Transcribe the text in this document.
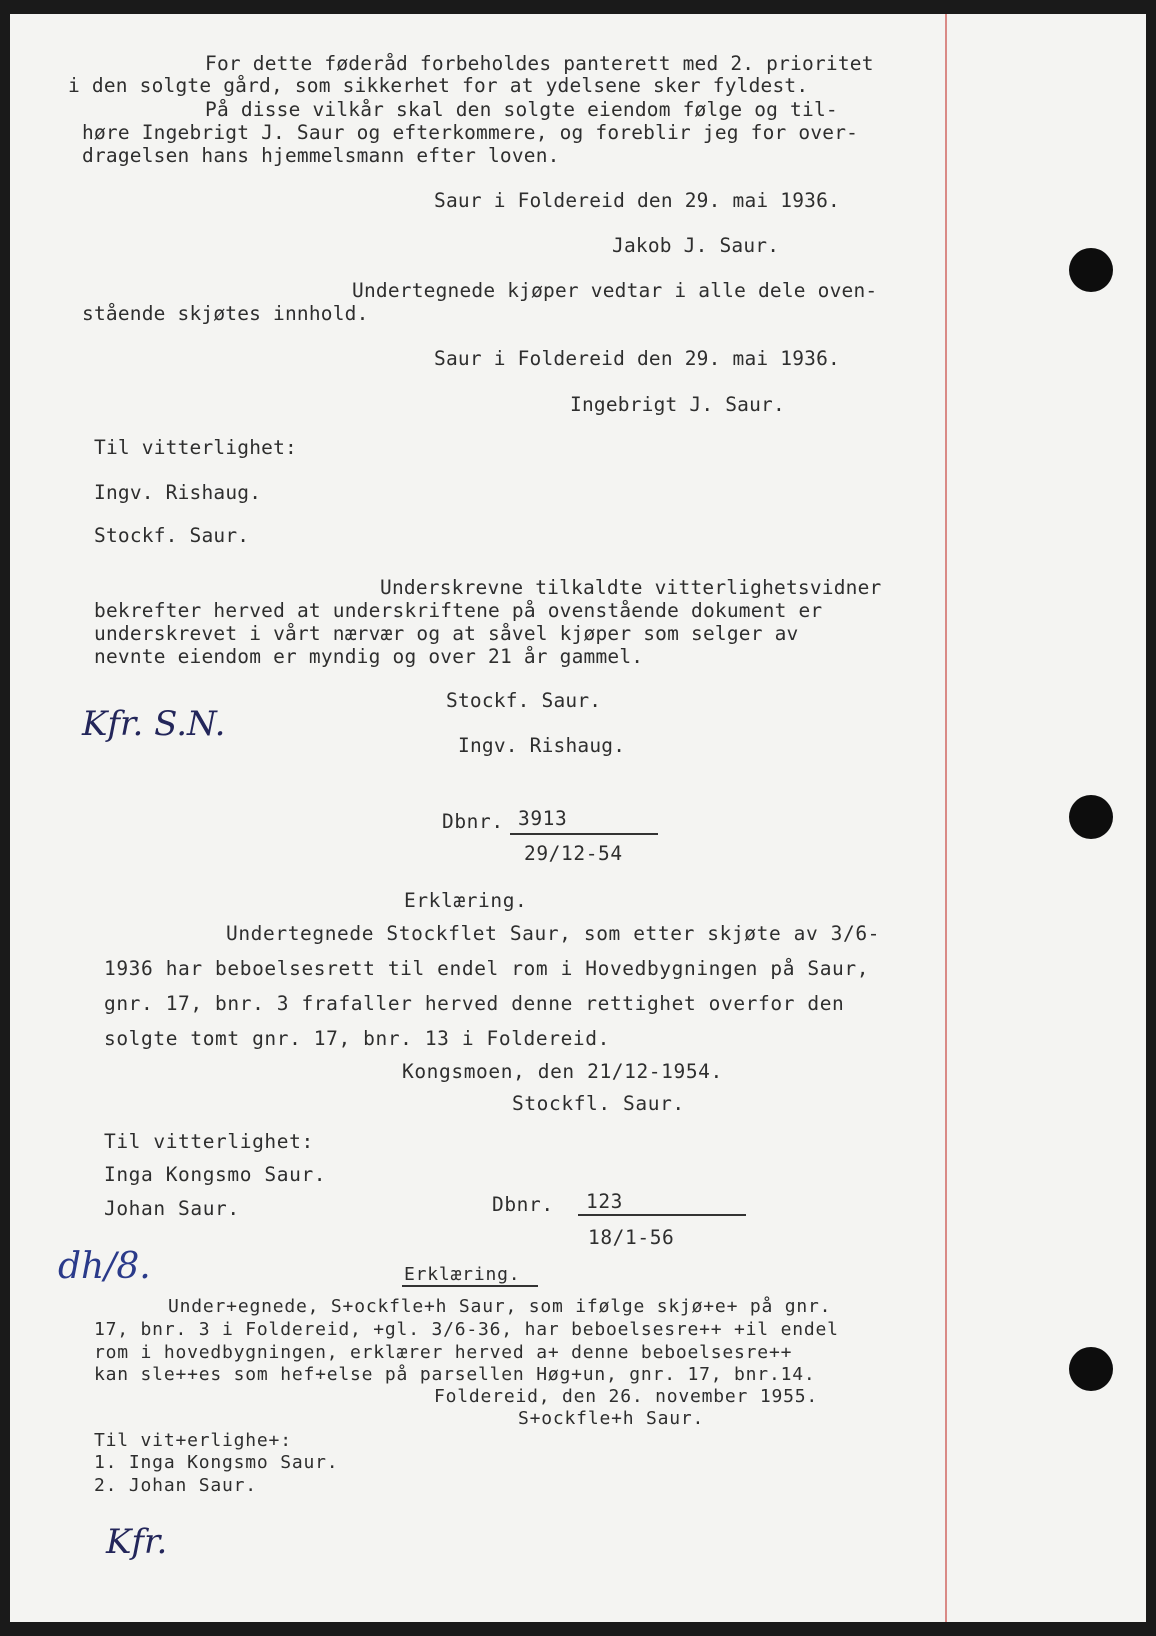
For dette føderåd forbeholdes panterett med 2. prioritet
i den solgte gård, som sikkerhet for at ydelsene sker fyldest.
På disse vilkår skal den solgte eiendom følge og til-
høre Ingebrigt J. Saur og efterkommere, og foreblir jeg for over-
dragelsen hans hjemmelsmann efter loven.
Saur i Foldereid den 29. mai 1936.
Jakob J. Saur.
Undertegnede kjøper vedtar i alle dele oven-
stående skjøtes innhold.
Saur i Foldereid den 29. mai 1936.
Ingebrigt J. Saur.
Til vitterlighet:
Ingv. Rishaug.
Stockf. Saur.
Underskrevne tilkaldte vitterlighetsvidner
bekrefter herved at underskriftene på ovenstående dokument er
underskrevet i vårt nærvær og at såvel kjøper som selger av
nevnte eiendom er myndig og over 21 år gammel.
Stockf. Saur.
Ingv. Rishaug.
Kfr. S.N.
Dbnr. 3913
29/12-54
Erklæring.
Undertegnede Stockflet Saur, som etter skjøte av 3/6-
1936 har beboelsesrett til endel rom i Hovedbygningen på Saur,
gnr. 17, bnr. 3 frafaller herved denne rettighet overfor den
solgte tomt gnr. 17, bnr. 13 i Foldereid.
Kongsmoen, den 21/12-1954.
Stockfl. Saur.
Til vitterlighet:
Inga Kongsmo Saur.
Johan Saur.	Dbnr. 123
18/1-56
dh/8.	Erklæring.
Under+egnede, S+ockfle+h Saur, som ifølge skjø+e+ på gnr.
17, bnr. 3 i Foldereid, +gl. 3/6-36, har beboelsesre++ +il endel
rom i hovedbygningen, erklærer herved a+ denne beboelsesre++
kan sle++es som hef+else på parsellen Høg+un, gnr. 17, bnr.14.
Foldereid, den 26. november 1955.
S+ockfle+h Saur.
Til vit+erlighe+:
1. Inga Kongsmo Saur.
2. Johan Saur.
Kfr.
